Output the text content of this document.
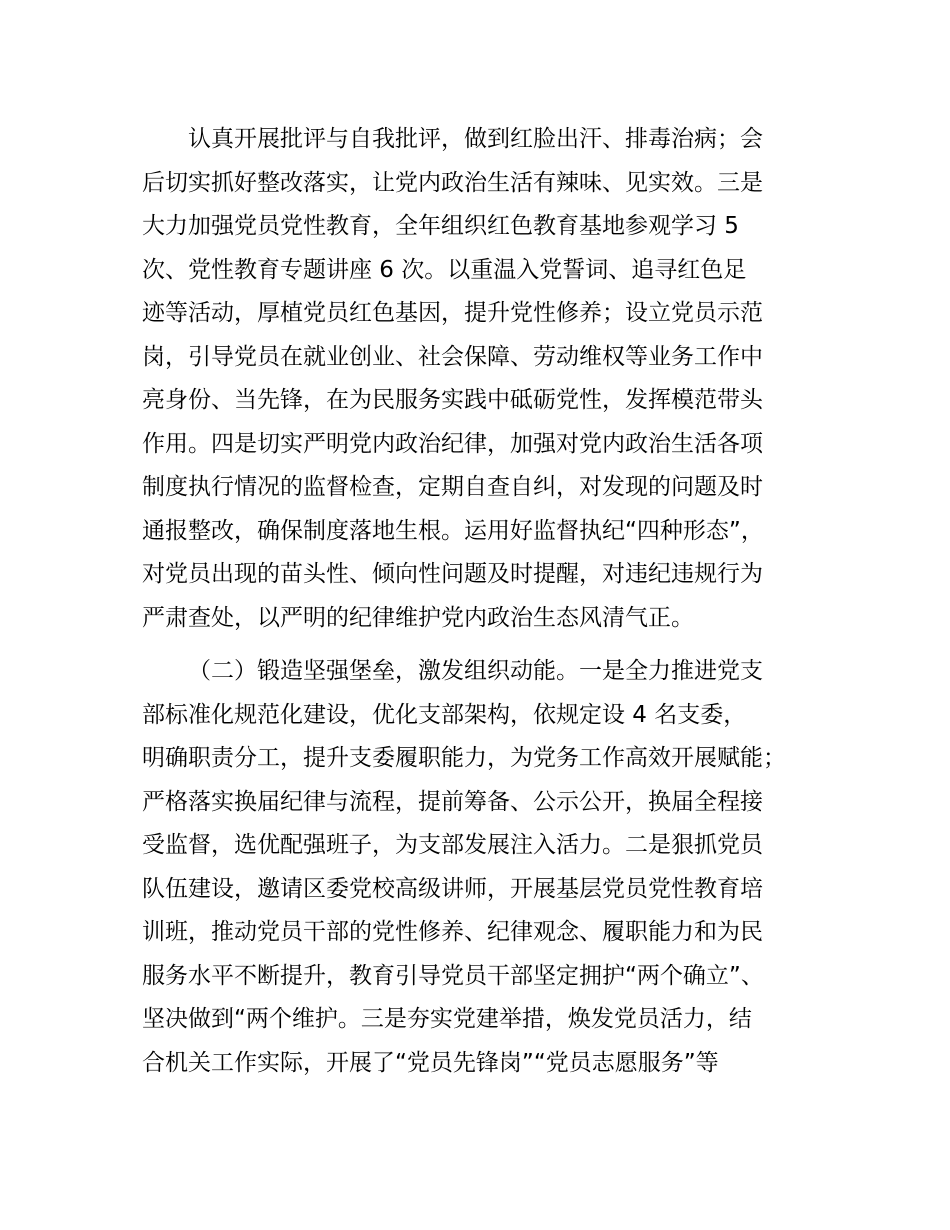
认真开展批评与自我批评，做到红脸出汗、排毒治病；会
后切实抓好整改落实，让党内政治生活有辣味、见实效。三是
大力加强党员党性教育，全年组织红色教育基地参观学习 5
次、党性教育专题讲座 6 次。以重温入党誓词、追寻红色足
迹等活动，厚植党员红色基因，提升党性修养；设立党员示范
岗，引导党员在就业创业、社会保障、劳动维权等业务工作中
亮身份、当先锋，在为民服务实践中砥砺党性，发挥模范带头
作用。四是切实严明党内政治纪律，加强对党内政治生活各项
制度执行情况的监督检查，定期自查自纠，对发现的问题及时
通报整改，确保制度落地生根。运用好监督执纪“四种形态”，
对党员出现的苗头性、倾向性问题及时提醒，对违纪违规行为
严肃查处，以严明的纪律维护党内政治生态风清气正。
（二）锻造坚强堡垒，激发组织动能。一是全力推进党支
部标准化规范化建设，优化支部架构，依规定设 4 名支委，
明确职责分工，提升支委履职能力，为党务工作高效开展赋能；
严格落实换届纪律与流程，提前筹备、公示公开，换届全程接
受监督，选优配强班子，为支部发展注入活力。二是狠抓党员
队伍建设，邀请区委党校高级讲师，开展基层党员党性教育培
训班，推动党员干部的党性修养、纪律观念、履职能力和为民
服务水平不断提升，教育引导党员干部坚定拥护“两个确立”、
坚决做到“两个维护。三是夯实党建举措，焕发党员活力，结
合机关工作实际，开展了“党员先锋岗”“党员志愿服务”等
